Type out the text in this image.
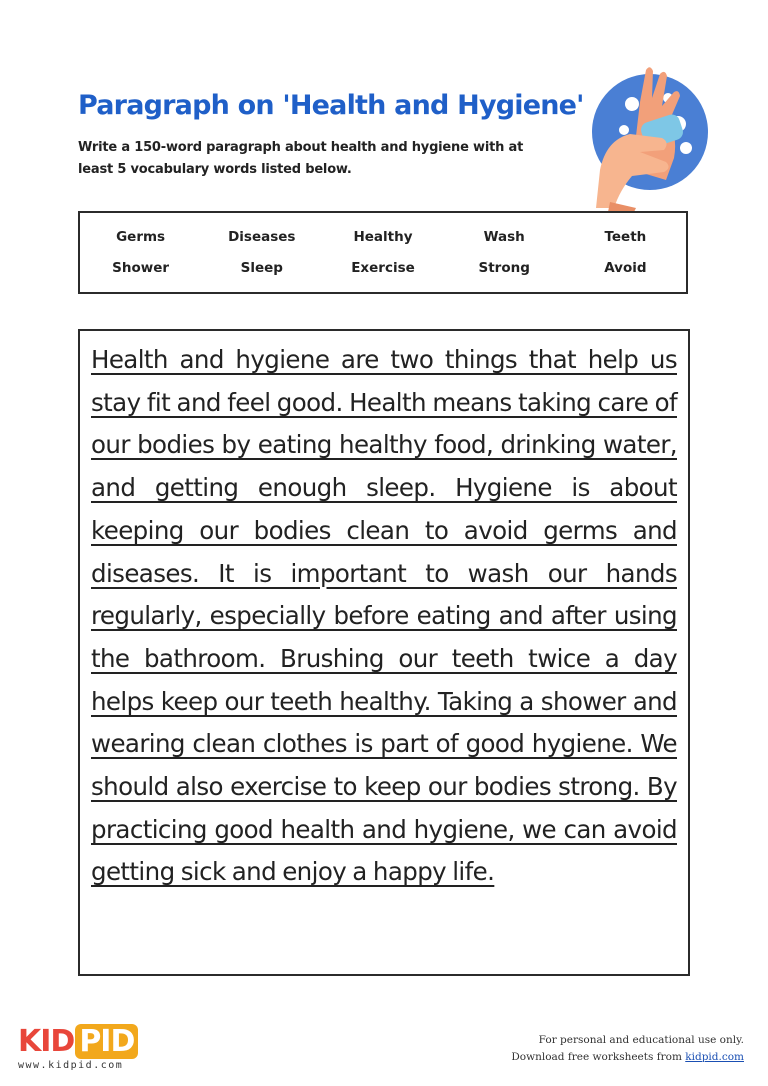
Paragraph on 'Health and Hygiene'

Write a 150-word paragraph about health and hygiene with at least 5 vocabulary words listed below.

Germs	Diseases	Healthy	Wash	Teeth
Shower	Sleep	Exercise	Strong	Avoid

Health and hygiene are two things that help us stay fit and feel good. Health means taking care of our bodies by eating healthy food, drinking water, and getting enough sleep. Hygiene is about keeping our bodies clean to avoid germs and diseases. It is important to wash our hands regularly, especially before eating and after using the bathroom. Brushing our teeth twice a day helps keep our teeth healthy. Taking a shower and wearing clean clothes is part of good hygiene. We should also exercise to keep our bodies strong. By practicing good health and hygiene, we can avoid getting sick and enjoy a happy life.

KID PID
www.kidpid.com
For personal and educational use only.
Download free worksheets from kidpid.com
